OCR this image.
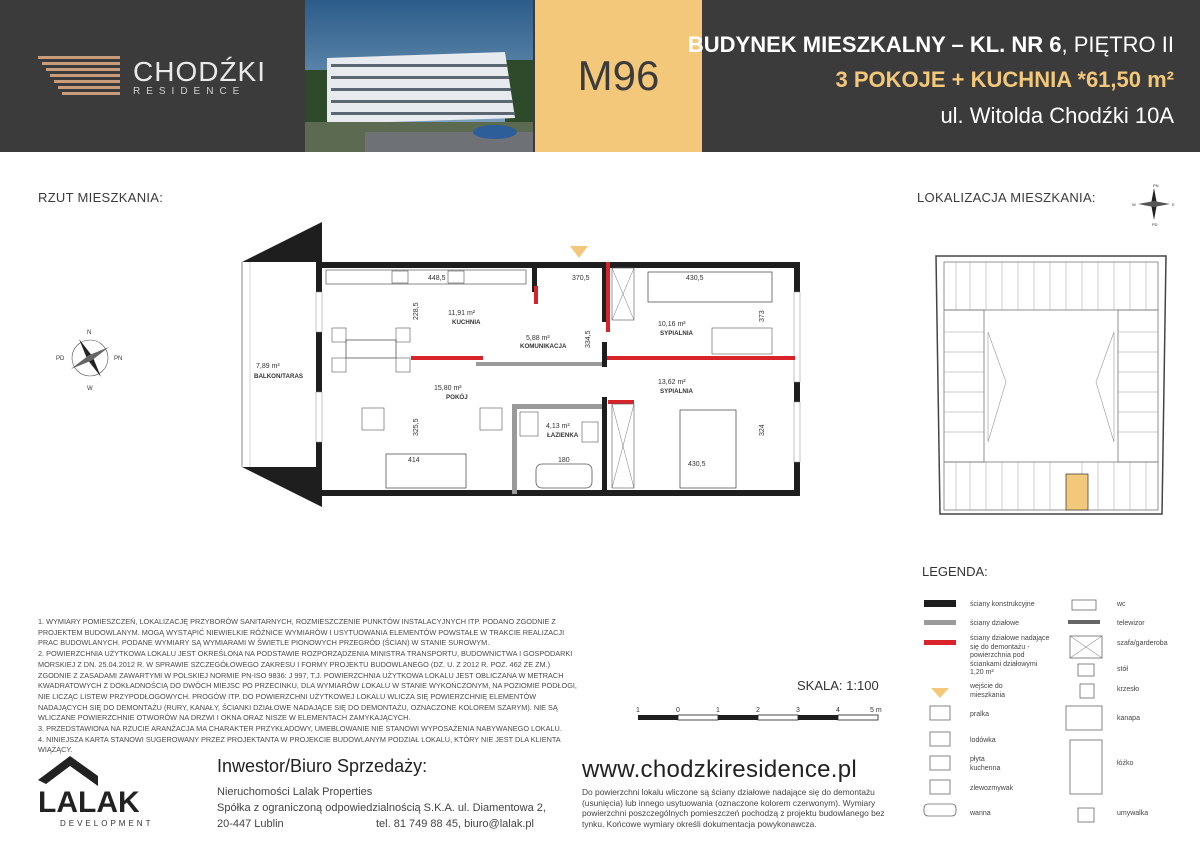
CHODŹKI
RESIDENCE	M96
BUDYNEK MIESZKALNY – KL. NR 6, PIĘTRO II
3 POKOJE + KUCHNIA *61,50 m²
ul. Witolda Chodźki 10A
RZUT MIESZKANIA:	LOKALIZACJA MIESZKANIA:
PN
W	E
PD
N
PD	PN
W
11,91 m²
KUCHNIA
5,88 m²
KOMUNIKACJA
10,16 m²
SYPIALNIA
13,62 m²
SYPIALNIA
15,80 m²
POKÓJ
4,13 m²
ŁAZIENKA
7,89 m²
BALKON/TARAS
448,5	370,5	430,5
430,5
414	180
228,5
334,5
373
325,5	324
LEGENDA:
ściany konstrukcyjne
ściany działowe
ściany działowe nadające się do demontażu - powierzchnia pod ściankami działowymi 1,20 m²
wejście do mieszkania
pralka
lodówka
płyta kuchenna
zlewozmywak
wanna
wc
telewizor
szafa/garderoba
stół
krzesło
kanapa
łóżko
umywalka

1. WYMIARY POMIESZCZEŃ, LOKALIZACJĘ PRZYBORÓW SANITARNYCH, ROZMIESZCZENIE PUNKTÓW INSTALACYJNYCH ITP. PODANO ZGODNIE Z PROJEKTEM BUDOWLANYM. MOGĄ WYSTĄPIĆ NIEWIELKIE RÓŻNICE WYMIARÓW I USYTUOWANIA ELEMENTÓW POWSTAŁE W TRAKCIE REALIZACJI PRAC BUDOWLANYCH. PODANE WYMIARY SĄ WYMIARAMI W ŚWIETLE PIONOWYCH PRZEGRÓD (ŚCIAN) W STANIE SUROWYM.

2. POWIERZCHNIA UŻYTKOWA LOKALU JEST OKREŚLONA NA PODSTAWIE ROZPORZĄDZENIA MINISTRA TRANSPORTU, BUDOWNICTWA I GOSPODARKI MORSKIEJ Z DN. 25.04.2012 R. W SPRAWIE SZCZEGÓŁOWEGO ZAKRESU I FORMY PROJEKTU BUDOWLANEGO (DZ. U. Z 2012 R. POZ. 462 ZE ZM.) ZGODNIE Z ZASADAMI ZAWARTYMI W POLSKIEJ NORMIE PN-ISO 9836: J 997, T.J. POWIERZCHNIA UŻYTKOWA LOKALU JEST OBLICZANA W METRACH KWADRATOWYCH Z DOKŁADNOŚCIĄ DO DWÓCH MIEJSC PO PRZECINKU, DLA WYMIARÓW LOKALU W STANIE WYKOŃCZONYM, NA POZIOMIE PODŁOGI, NIE LICZĄC LISTEW PRZYPODŁOGOWYCH. PROGÓW ITP. DO POWIERZCHNI UŻYTKOWEJ LOKALU WLICZA SIĘ POWIERZCHNIĘ ELEMENTÓW NADAJĄCYCH SIĘ DO DEMONTAŻU (RURY, KANAŁY, ŚCIANKI DZIAŁOWE NADAJĄCE SIĘ DO DEMONTAŻU, OZNACZONE KOLOREM SZARYM). NIE SĄ WLICZANE POWIERZCHNIE OTWORÓW NA DRZWI I OKNA ORAZ NISZE W ELEMENTACH ZAMYKAJĄCYCH.

3. PRZEDSTAWIONA NA RZUCIE ARANŻACJA MA CHARAKTER PRZYKŁADOWY, UMEBLOWANIE NIE STANOWI WYPOSAŻENIA NABYWANEGO LOKALU.

4. NINIEJSZA KARTA STANOWI SUGEROWANY PRZEZ PROJEKTANTA W PROJEKCIE BUDOWLANYM PODZIAŁ LOKALU, KTÓRY NIE JEST DLA KLIENTA WIĄŻĄCY.

SKALA: 1:100
1	0	1	2	3	4	5 m
LALAK
DEVELOPMENT
Inwestor/Biuro Sprzedaży:
Nieruchomości Lalak Properties
Spółka z ograniczoną odpowiedzialnością S.K.A. ul. Diamentowa 2,
20-447 Lublin	tel. 81 749 88 45, biuro@lalak.pl
www.chodzkiresidence.pl
Do powierzchni lokalu wliczone są ściany działowe nadające się do demontażu (usunięcia) lub innego usytuowania (oznaczone kolorem czerwonym). Wymiary powierzchni poszczególnych pomieszczeń pochodzą z projektu budowlanego bez tynku. Końcowe wymiary określi dokumentacja powykonawcza.
